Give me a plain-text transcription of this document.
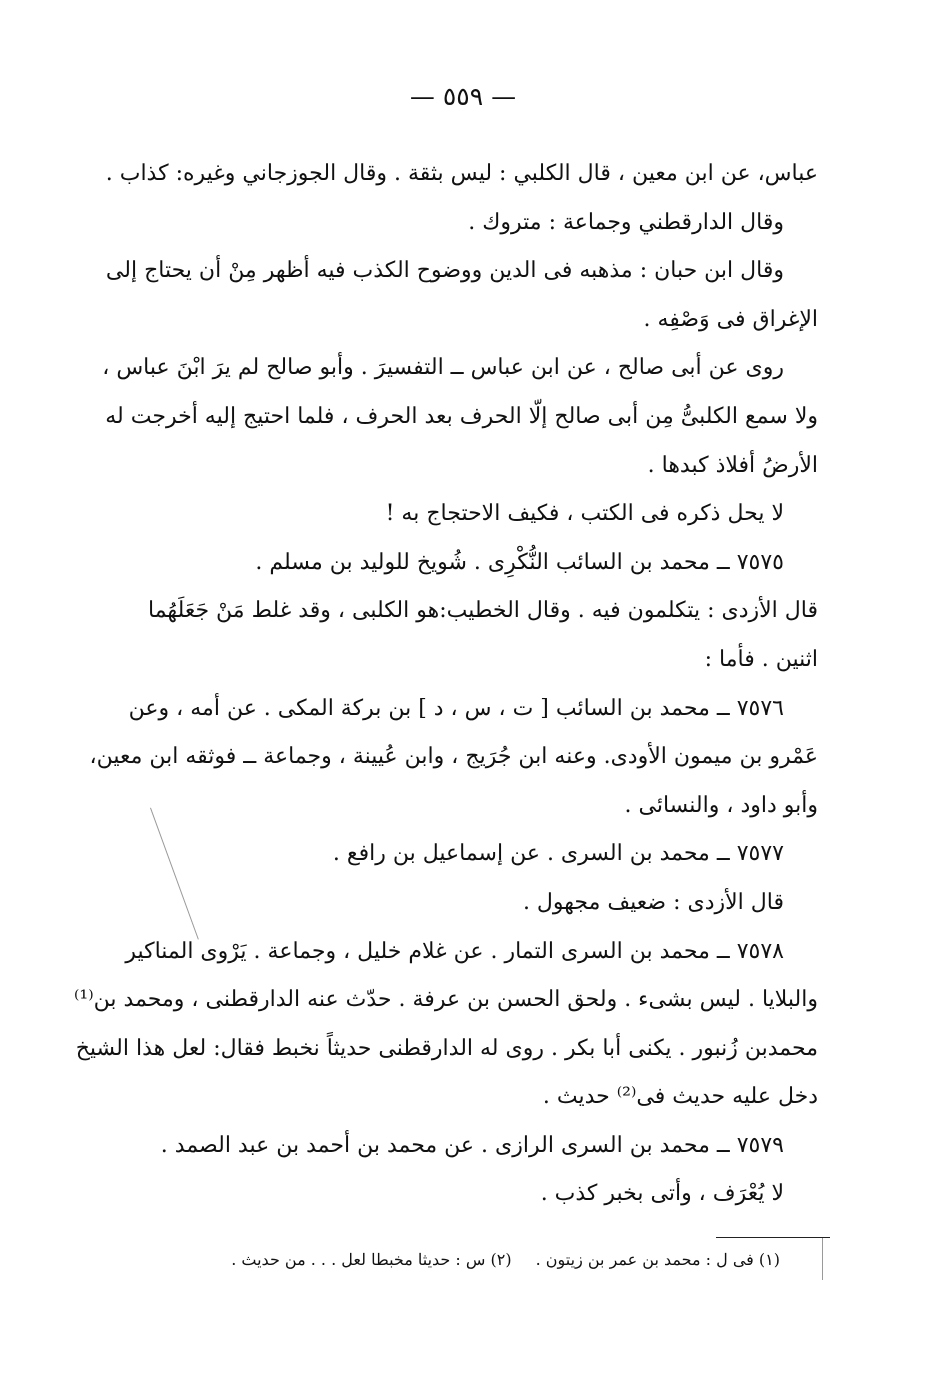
— ٥٥٩ —
عباس، عن ابن معين ، قال الكلبي : ليس بثقة . وقال الجوزجاني وغيره: كذاب .
وقال الدارقطني وجماعة : متروك .
وقال ابن حبان : مذهبه فى الدين ووضوح الكذب فيه أظهر مِنْ أن يحتاج إلى
الإغراق فى وَصْفِه .
روى عن أبى صالح ، عن ابن عباس ــ التفسيرَ . وأبو صالح لم يرَ ابْنَ عباس ،
ولا سمع الكلبىُّ مِن أبى صالح إلّا الحرف بعد الحرف ، فلما احتيج إليه أخرجت له
الأرضُ أفلاذ كبدها .
لا يحل ذكره فى الكتب ، فكيف الاحتجاج به !
٧٥٧٥ ــ محمد بن السائب النُّكْرِى . شُويخ للوليد بن مسلم .
قال الأزدى : يتكلمون فيه . وقال الخطيب:هو الكلبى ، وقد غلط مَنْ جَعَلَهُما
اثنين . فأما :
٧٥٧٦ ــ محمد بن السائب [ ت ، س ، د ] بن بركة المكى . عن أمه ، وعن
عَمْرو بن ميمون الأودى. وعنه ابن جُرَيج ، وابن عُيينة ، وجماعة ــ فوثقه ابن معين،
وأبو داود ، والنسائى .
٧٥٧٧ ــ محمد بن السرى . عن إسماعيل بن رافع .
قال الأزدى : ضعيف مجهول .
٧٥٧٨ ــ محمد بن السرى التمار . عن غلام خليل ، وجماعة . يَرْوى المناكير
والبلايا . ليس بشىء . ولحق الحسن بن عرفة . حدّث عنه الدارقطنى ، ومحمد بن⁽¹⁾
محمدبن زُنبور . يكنى أبا بكر . روى له الدارقطنى حديثاً نخبط فقال: لعل هذا الشيخ
دخل عليه حديث فى⁽²⁾ حديث .
٧٥٧٩ ــ محمد بن السرى الرازى . عن محمد بن أحمد بن عبد الصمد .
لا يُعْرَف ، وأتى بخبر كذب .
(١) فى ل : محمد بن عمر بن زيتون .(٢) س : حديثا مخبطا لعل . . . من حديث .
